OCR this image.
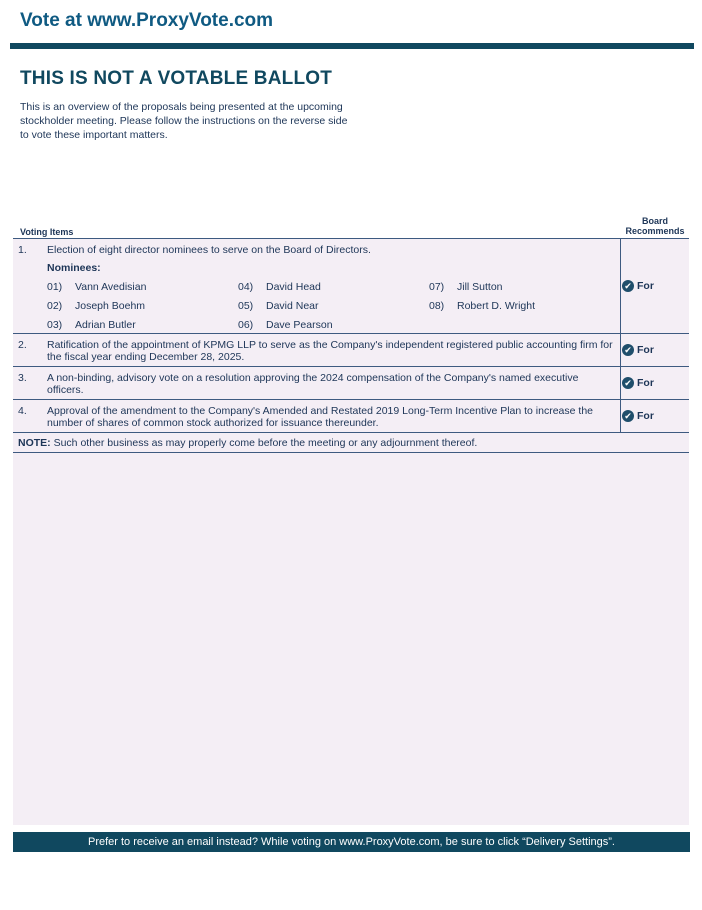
Vote at www.ProxyVote.com
THIS IS NOT A VOTABLE BALLOT
This is an overview of the proposals being presented at the upcoming stockholder meeting. Please follow the instructions on the reverse side to vote these important matters.
Voting Items
Board
Recommends
1. Election of eight director nominees to serve on the Board of Directors.
Nominees:
01)	Vann Avedisian
02)	Joseph Boehm
03)	Adrian Butler
04)	David Head
05)	David Near
06)	Dave Pearson
07)	Jill Sutton
08)	Robert D. Wright
✔ For
2. Ratification of the appointment of KPMG LLP to serve as the Company's independent registered public accounting firm for the fiscal year ending December 28, 2025.
✔ For
3. A non-binding, advisory vote on a resolution approving the 2024 compensation of the Company's named executive officers.
✔ For
4. Approval of the amendment to the Company's Amended and Restated 2019 Long-Term Incentive Plan to increase the number of shares of common stock authorized for issuance thereunder.
✔ For
NOTE: Such other business as may properly come before the meeting or any adjournment thereof.
Prefer to receive an email instead? While voting on www.ProxyVote.com, be sure to click “Delivery Settings”.
